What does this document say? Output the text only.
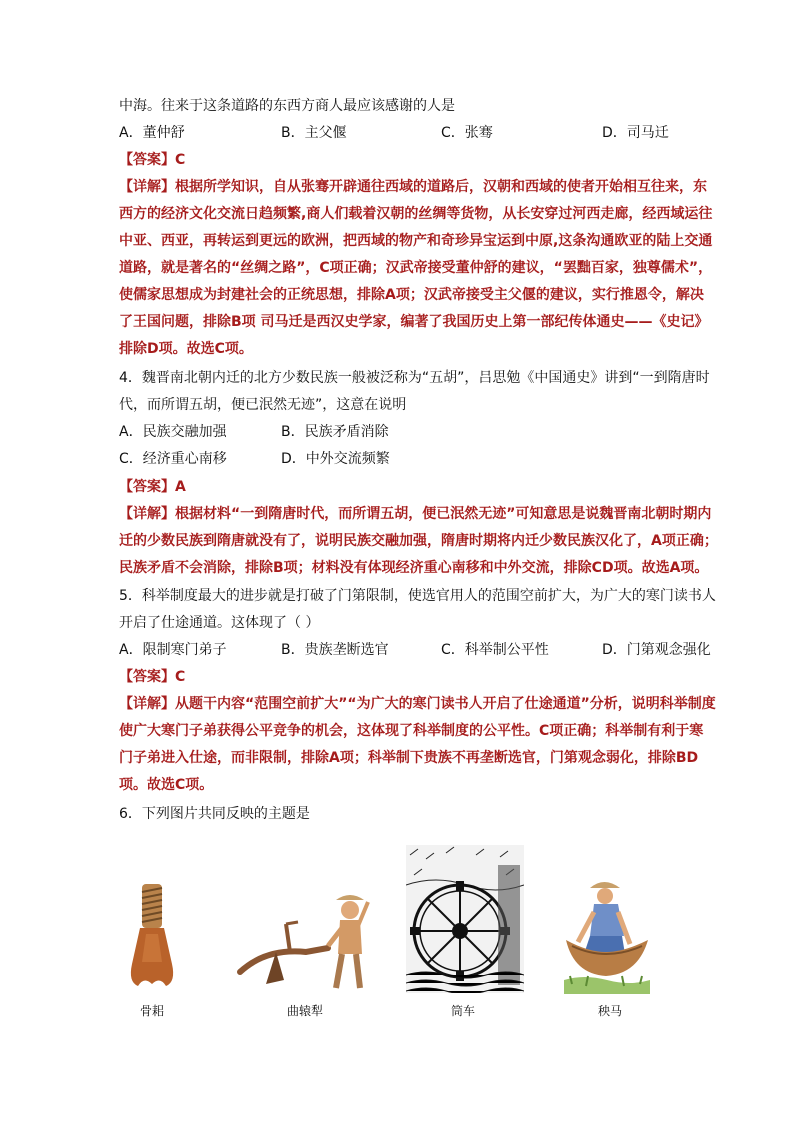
中海。往来于这条道路的东西方商人最应该感谢的人是
A．董仲舒	B．主父偃	C．张骞	D．司马迁
【答案】C
【详解】根据所学知识，自从张骞开辟通往西域的道路后，汉朝和西域的使者开始相互往来，东
西方的经济文化交流日趋频繁,商人们载着汉朝的丝绸等货物，从长安穿过河西走廊，经西域运往
中亚、西亚，再转运到更远的欧洲，把西域的物产和奇珍异宝运到中原,这条沟通欧亚的陆上交通
道路，就是著名的“丝绸之路”，C项正确；汉武帝接受董仲舒的建议，“罢黜百家，独尊儒术”，
使儒家思想成为封建社会的正统思想，排除A项；汉武帝接受主父偃的建议，实行推恩令，解决
了王国问题，排除B项 司马迁是西汉史学家，编著了我国历史上第一部纪传体通史——《史记》
排除D项。故选C项。
4．魏晋南北朝内迁的北方少数民族一般被泛称为“五胡”，吕思勉《中国通史》讲到“一到隋唐时
代，而所谓五胡，便已泯然无迹”，这意在说明
A．民族交融加强	B．民族矛盾消除
C．经济重心南移	D．中外交流频繁
【答案】A
【详解】根据材料“一到隋唐时代，而所谓五胡，便已泯然无迹”可知意思是说魏晋南北朝时期内
迁的少数民族到隋唐就没有了，说明民族交融加强，隋唐时期将内迁少数民族汉化了，A项正确；
民族矛盾不会消除，排除B项；材料没有体现经济重心南移和中外交流，排除CD项。故选A项。
5．科举制度最大的进步就是打破了门第限制，使选官用人的范围空前扩大，为广大的寒门读书人
开启了仕途通道。这体现了（ ）
A．限制寒门弟子	B．贵族垄断选官	C．科举制公平性	D．门第观念强化
【答案】C
【详解】从题干内容“范围空前扩大”“为广大的寒门读书人开启了仕途通道”分析，说明科举制度
使广大寒门子弟获得公平竞争的机会，这体现了科举制度的公平性。C项正确；科举制有利于寒
门子弟进入仕途，而非限制，排除A项；科举制下贵族不再垄断选官，门第观念弱化，排除BD
项。故选C项。
6．下列图片共同反映的主题是
骨耜	曲辕犁	筒车	秧马
